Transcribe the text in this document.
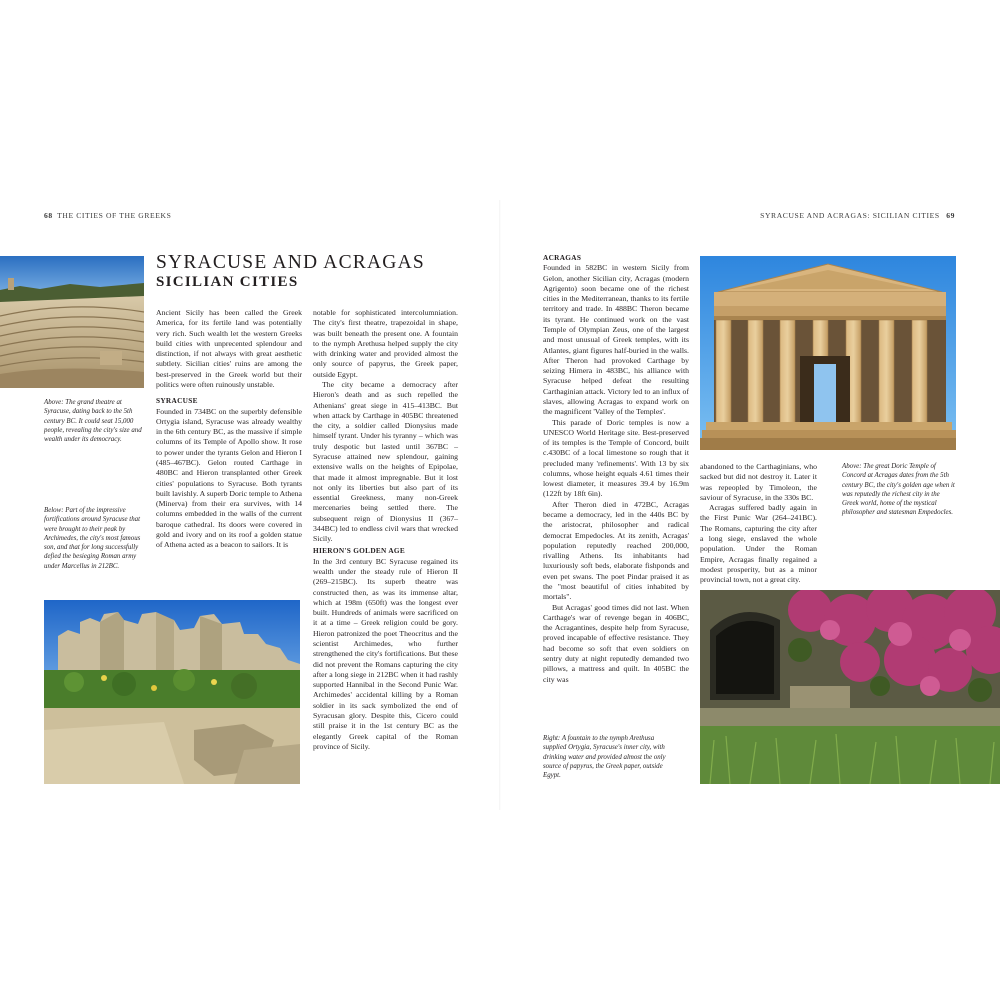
68 THE CITIES OF THE GREEKS	SYRACUSE AND ACRAGAS: SICILIAN CITIES 69
Above: The grand theatre at Syracuse, dating back to the 5th century BC. It could seat 15,000 people, revealing the city's size and wealth under its democracy.
Below: Part of the impressive fortifications around Syracuse that were brought to their peak by Archimedes, the city's most famous son, and that for long successfully defied the besieging Roman army under Marcellus in 212BC.
SYRACUSE AND ACRAGAS
SICILIAN CITIES

Ancient Sicily has been called the Greek America, for its fertile land was potentially very rich. Such wealth let the western Greeks build cities with unprecented splendour and distinction, if not always with great aesthetic subtlety. Sicilian cities' ruins are among the best-preserved in the Greek world but their politics were often ruinously unstable.

SYRACUSE

Founded in 734BC on the superbly defensible Ortygia island, Syracuse was already wealthy in the 6th century BC, as the massive if simple columns of its Temple of Apollo show. It rose to power under the tyrants Gelon and Hieron I (485–467BC). Gelon routed Carthage in 480BC and Hieron transplanted other Greek cities' populations to Syracuse. Both tyrants built lavishly. A superb Doric temple to Athena (Minerva) from their era survives, with 14 columns embedded in the walls of the current baroque cathedral. Its doors were covered in gold and ivory and on its roof a golden statue of Athena acted as a beacon to sailors. It is

notable for sophisticated intercolumniation. The city's first theatre, trapezoidal in shape, was built beneath the present one. A fountain to the nymph Arethusa helped supply the city with drinking water and provided almost the only source of papyrus, the Greek paper, outside Egypt.

The city became a democracy after Hieron's death and as such repelled the Athenians' great siege in 415–413BC. But when attack by Carthage in 405BC threatened the city, a soldier called Dionysius made himself tyrant. Under his tyranny – which was truly despotic but lasted until 367BC – Syracuse attained new splendour, gaining extensive walls on the heights of Epipolae, that made it almost impregnable. But it lost not only its liberties but also part of its essential Greekness, many non-Greek mercenaries being settled there. The subsequent reign of Dionysius II (367–344BC) led to endless civil wars that wrecked Sicily.

HIERON'S GOLDEN AGE

In the 3rd century BC Syracuse regained its wealth under the steady rule of Hieron II (269–215BC). Its superb theatre was constructed then, as was its immense altar, which at 198m (650ft) was the longest ever built. Hundreds of animals were sacrificed on it at a time – Greek religion could be gory. Hieron patronized the poet Theocritus and the scientist Archimedes, who further strengthened the city's fortifications. But these did not prevent the Romans capturing the city after a long siege in 212BC when it had rashly supported Hannibal in the Second Punic War. Archimedes' accidental killing by a Roman soldier in its sack symbolized the end of Syracusan glory. Despite this, Cicero could still praise it in the 1st century BC as the elegantly Greek capital of the Roman province of Sicily.

ACRAGAS

Founded in 582BC in western Sicily from Gelon, another Sicilian city, Acragas (modern Agrigento) soon became one of the richest cities in the Mediterranean, thanks to its fertile territory and trade. In 488BC Theron became its tyrant. He continued work on the vast Temple of Olympian Zeus, one of the largest and most unusual of Greek temples, with its Atlantes, giant figures half-buried in the walls. After Theron had provoked Carthage by seizing Himera in 483BC, his alliance with Syracuse helped defeat the resulting Carthaginian attack. Victory led to an influx of slaves, allowing Acragas to expand work on the magnificent 'Valley of the Temples'.

This parade of Doric temples is now a UNESCO World Heritage site. Best-preserved of its temples is the Temple of Concord, built c.430BC of a local limestone so rough that it precluded many 'refinements'. With 13 by six columns, whose height equals 4.61 times their lowest diameter, it measures 39.4 by 16.9m (122ft by 18ft 6in).

After Theron died in 472BC, Acragas became a democracy, led in the 440s BC by the aristocrat, philosopher and radical democrat Empedocles. At its zenith, Acragas' population reputedly reached 200,000, rivalling Athens. Its inhabitants had luxuriously soft beds, elaborate fishponds and even pet swans. The poet Pindar praised it as the "most beautiful of cities inhabited by mortals".

But Acragas' good times did not last. When Carthage's war of revenge began in 406BC, the Acragantines, despite help from Syracuse, proved incapable of effective resistance. They had become so soft that even soldiers on sentry duty at night reputedly demanded two pillows, a mattress and quilt. In 405BC the city was

abandoned to the Carthaginians, who sacked but did not destroy it. Later it was repeopled by Timoleon, the saviour of Syracuse, in the 330s BC.

Acragas suffered badly again in the First Punic War (264–241BC). The Romans, capturing the city after a long siege, enslaved the whole population. Under the Roman Empire, Acragas finally regained a modest prosperity, but as a minor provincial town, not a great city.

Above: The great Doric Temple of Concord at Acragas dates from the 5th century BC, the city's golden age when it was reputedly the richest city in the Greek world, home of the mystical philosopher and statesman Empedocles.
Right: A fountain to the nymph Arethusa supplied Ortygia, Syracuse's inner city, with drinking water and provided almost the only source of papyrus, the Greek paper, outside Egypt.
